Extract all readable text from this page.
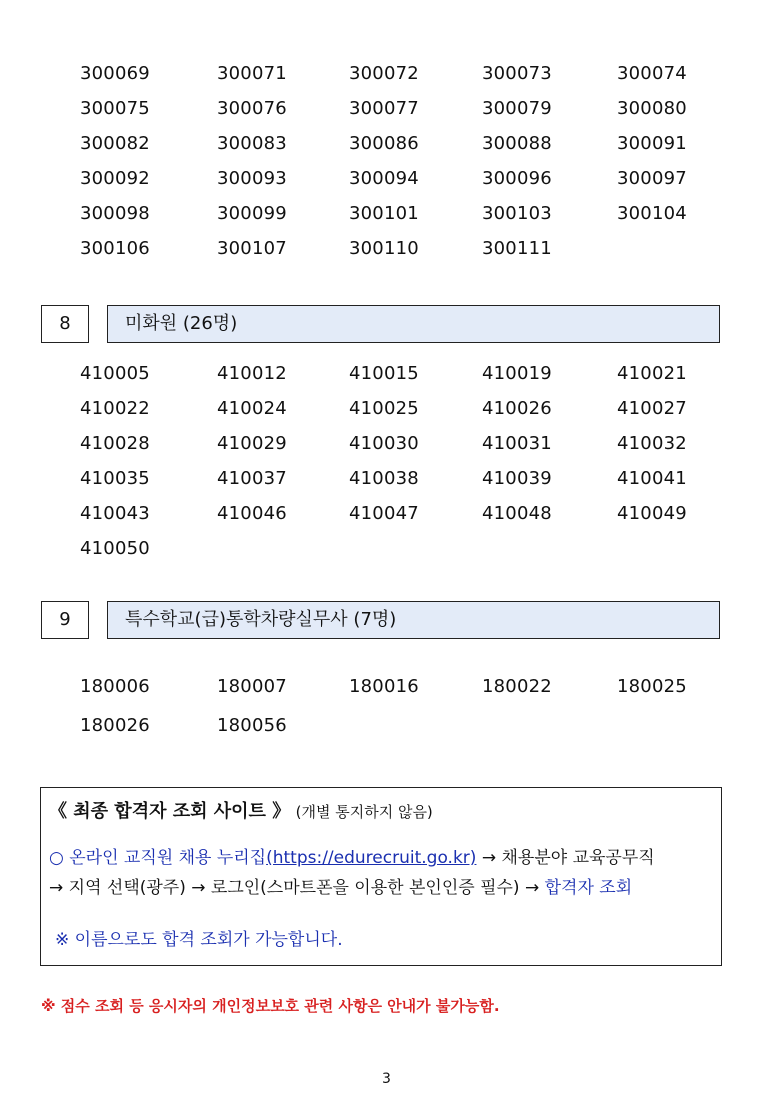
300069	300071	300072	300073	300074
300075	300076	300077	300079	300080
300082	300083	300086	300088	300091
300092	300093	300094	300096	300097
300098	300099	300101	300103	300104
300106	300107	300110	300111
8	미화원 (26명)
410005	410012	410015	410019	410021
410022	410024	410025	410026	410027
410028	410029	410030	410031	410032
410035	410037	410038	410039	410041
410043	410046	410047	410048	410049
410050
9	특수학교(급)통학차량실무사 (7명)
180006	180007	180016	180022	180025
180026	180056
《 최종 합격자 조회 사이트 》 (개별 통지하지 않음)
○ 온라인 교직원 채용 누리집(https://edurecruit.go.kr) → 채용분야 교육공무직
→ 지역 선택(광주) → 로그인(스마트폰을 이용한 본인인증 필수) → 합격자 조회
※ 이름으로도 합격 조회가 가능합니다.
※ 점수 조회 등 응시자의 개인정보보호 관련 사항은 안내가 불가능함.
3
